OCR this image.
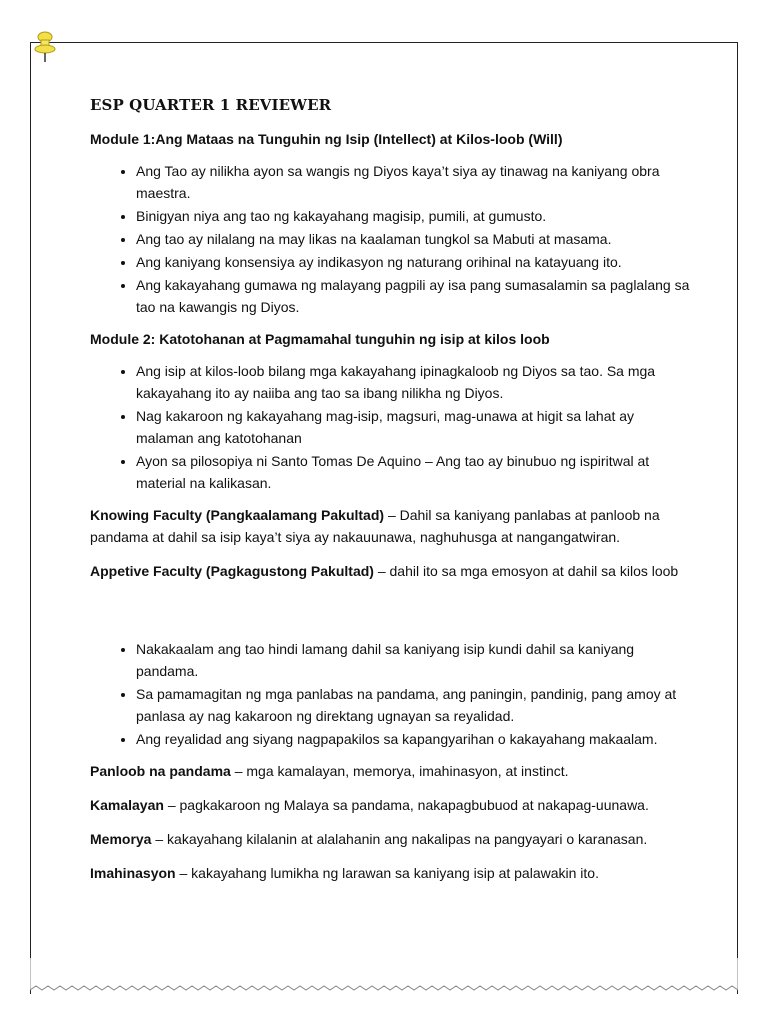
ESP QUARTER 1 REVIEWER

Module 1:Ang Mataas na Tunguhin ng Isip (Intellect) at Kilos-loob (Will)

• Ang Tao ay nilikha ayon sa wangis ng Diyos kaya’t siya ay tinawag na kaniyang obra maestra.
• Binigyan niya ang tao ng kakayahang magisip, pumili, at gumusto.
• Ang tao ay nilalang na may likas na kaalaman tungkol sa Mabuti at masama.
• Ang kaniyang konsensiya ay indikasyon ng naturang orihinal na katayuang ito.
• Ang kakayahang gumawa ng malayang pagpili ay isa pang sumasalamin sa paglalang sa tao na kawangis ng Diyos.

Module 2: Katotohanan at Pagmamahal tunguhin ng isip at kilos loob

• Ang isip at kilos-loob bilang mga kakayahang ipinagkaloob ng Diyos sa tao. Sa mga kakayahang ito ay naiiba ang tao sa ibang nilikha ng Diyos.
• Nag kakaroon ng kakayahang mag-isip, magsuri, mag-unawa at higit sa lahat ay malaman ang katotohanan
• Ayon sa pilosopiya ni Santo Tomas De Aquino – Ang tao ay binubuo ng ispiritwal at material na kalikasan.

Knowing Faculty (Pangkaalamang Pakultad) – Dahil sa kaniyang panlabas at panloob na pandama at dahil sa isip kaya’t siya ay nakauunawa, naghuhusga at nangangatwiran.

Appetive Faculty (Pagkagustong Pakultad) – dahil ito sa mga emosyon at dahil sa kilos loob

• Nakakaalam ang tao hindi lamang dahil sa kaniyang isip kundi dahil sa kaniyang pandama.
• Sa pamamagitan ng mga panlabas na pandama, ang paningin, pandinig, pang amoy at panlasa ay nag kakaroon ng direktang ugnayan sa reyalidad.
• Ang reyalidad ang siyang nagpapakilos sa kapangyarihan o kakayahang makaalam.

Panloob na pandama – mga kamalayan, memorya, imahinasyon, at instinct.

Kamalayan – pagkakaroon ng Malaya sa pandama, nakapagbubuod at nakapag-uunawa.

Memorya – kakayahang kilalanin at alalahanin ang nakalipas na pangyayari o karanasan.

Imahinasyon – kakayahang lumikha ng larawan sa kaniyang isip at palawakin ito.
